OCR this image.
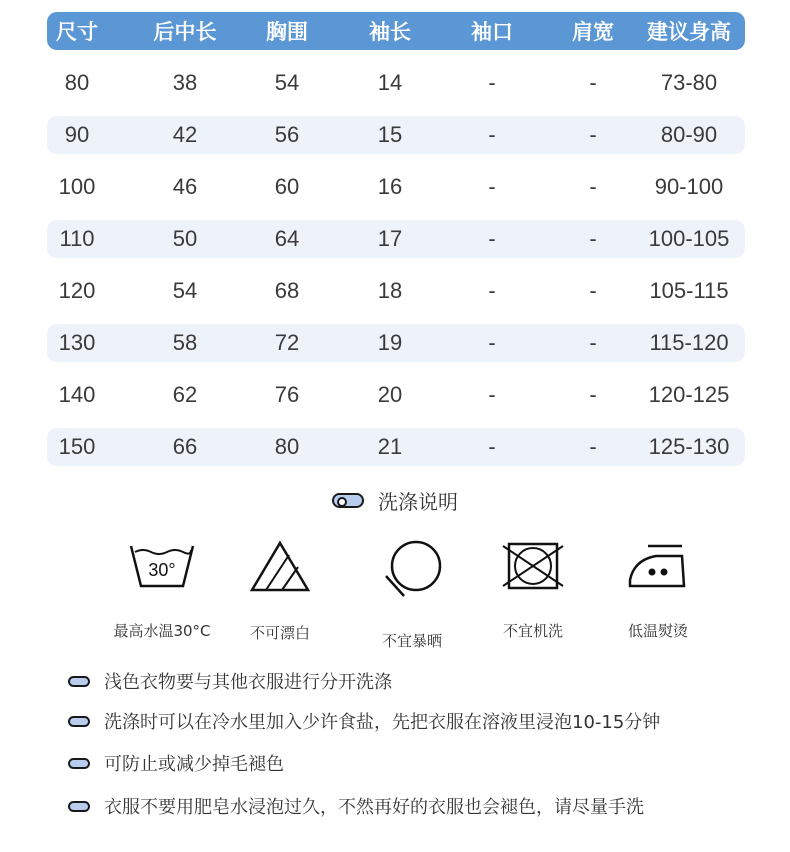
尺寸	后中长 胸围	袖长	袖口	肩宽 建议身高
80	38	54	14	-	-	73-80
90	42	56	15	-	-	80-90
100	46	60	16	-	-	90-100
110	50	64	17	-	- 100-105
120	54	68	18	-	- 105-115
130	58	72	19	-	- 115-120
140	62	76	20	-	- 120-125
150	66	80	21	-	- 125-130
洗涤说明
30°
最高水温30°C	不可漂白	不宜暴晒
不宜机洗	低温熨烫
浅色衣物要与其他衣服进行分开洗涤
洗涤时可以在冷水里加入少许食盐，先把衣服在溶液里浸泡10-15分钟
可防止或减少掉毛褪色
衣服不要用肥皂水浸泡过久，不然再好的衣服也会褪色，请尽量手洗
